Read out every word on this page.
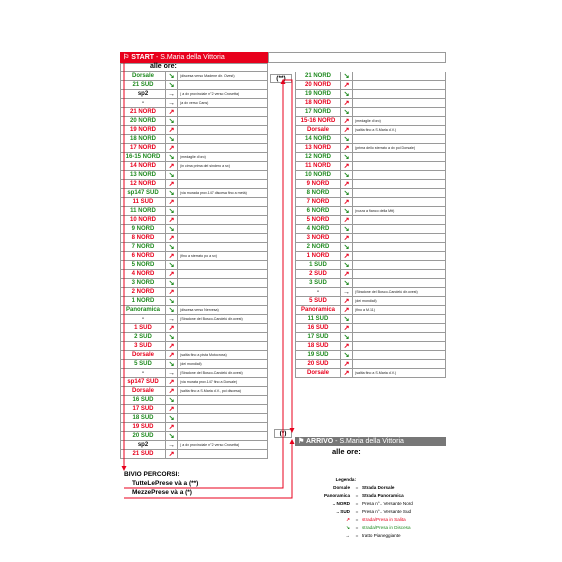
⚐ START - S.Maria della Vittoria
alle ore:
Dorsale	↘	(discesa verso Madene dir. Ovest)
21 SUD	↘
sp2	→	( a dx provinciale n°2 verso Crosetta)
-	→	(a dx verso Cans)
21 NORD	↗
20 NORD	↘
19 NORD	↗
18 NORD	↘
17 NORD	↗
16-15 NORD	↘	(medaglie d'oro)
14 NORD	↗	(in cima prima del sindero a sx)
13 NORD	↘
12 NORD	↗
sp147 SUD	↘	(via murada prov.147 discesa fino a metà)
11 SUD	↗
11 NORD	↘
10 NORD	↗
9 NORD	↘
8 NORD	↗
7 NORD	↘
6 NORD	↗	(fino a sterrato po a sx)
5 NORD	↘
4 NORD	↗
3 NORD	↘
2 NORD	↗
1 NORD	↘
Panoramica	↘	(discesa verso Nervesa)
-	→	(Stradone del Bosco-Candelù dir.ovest)
1 SUD	↗
2 SUD	↘
3 SUD	↗
Dorsale	↗	(salita fino a pista Motocross)
5 SUD	↘	(dei mondiali)
-	→	(Stradone del Bosco-Candelù dir.ovest)
sp147 SUD	↗	(via murata prov.147 fino a Dorsale)
Dorsale	↗	(salita fino a S.Maria d.V., poi discesa)
16 SUD	↘
17 SUD	↗
18 SUD	↘
19 SUD	↗
20 SUD	↘
sp2	→	( a dx provinciale n°2 verso Crosetta)
21 SUD	↗
21 NORD	↘
20 NORD	↗
19 NORD	↘
18 NORD	↗
17 NORD	↘
15-16 NORD	↗	(medaglie d'oro)
Dorsale	↗	(salita fino a S.Maria d.V.)
14 NORD	↘
13 NORD	↗	(prima dello sterrato a dx poi Dorsale)
12 NORD	↘
11 NORD	↗
10 NORD	↘
9 NORD	↗
8 NORD	↘
7 NORD	↗
6 NORD	↘	(rozza a fianco della Mtt)
5 NORD	↗
4 NORD	↘
3 NORD	↗
2 NORD	↘
1 NORD	↗
1 SUD	↘
2 SUD	↗
3 SUD	↘
-	→	(Stradone del Bosco-Candelù dir.ovest)
5 SUD	↗	(dei mondiali)
Panoramica	↗	(fino a M.11)
11 SUD	↘
16 SUD	↗
17 SUD	↘
18 SUD	↗
19 SUD	↘
20 SUD	↗
Dorsale	↗	(salita fino a S.Maria d.V.)
⚑ ARRIVO - S.Maria della Vittoria
alle ore:
(**)
(*)
BIVIO PERCORSI:
TutteLePrese và a (**)
MezzePrese và a (*)
Legenda:
Dorsale	= Strada Dorsale
Panoramica	= Strada Panoramica
.. NORD	= Presa n°.. Versante Nord
.. SUD	= Presa n°.. Versante Sud
↗	= strada/Presa in Salita
↘	= strada/Presa in Discesa
→	= tratto Pianeggiante
